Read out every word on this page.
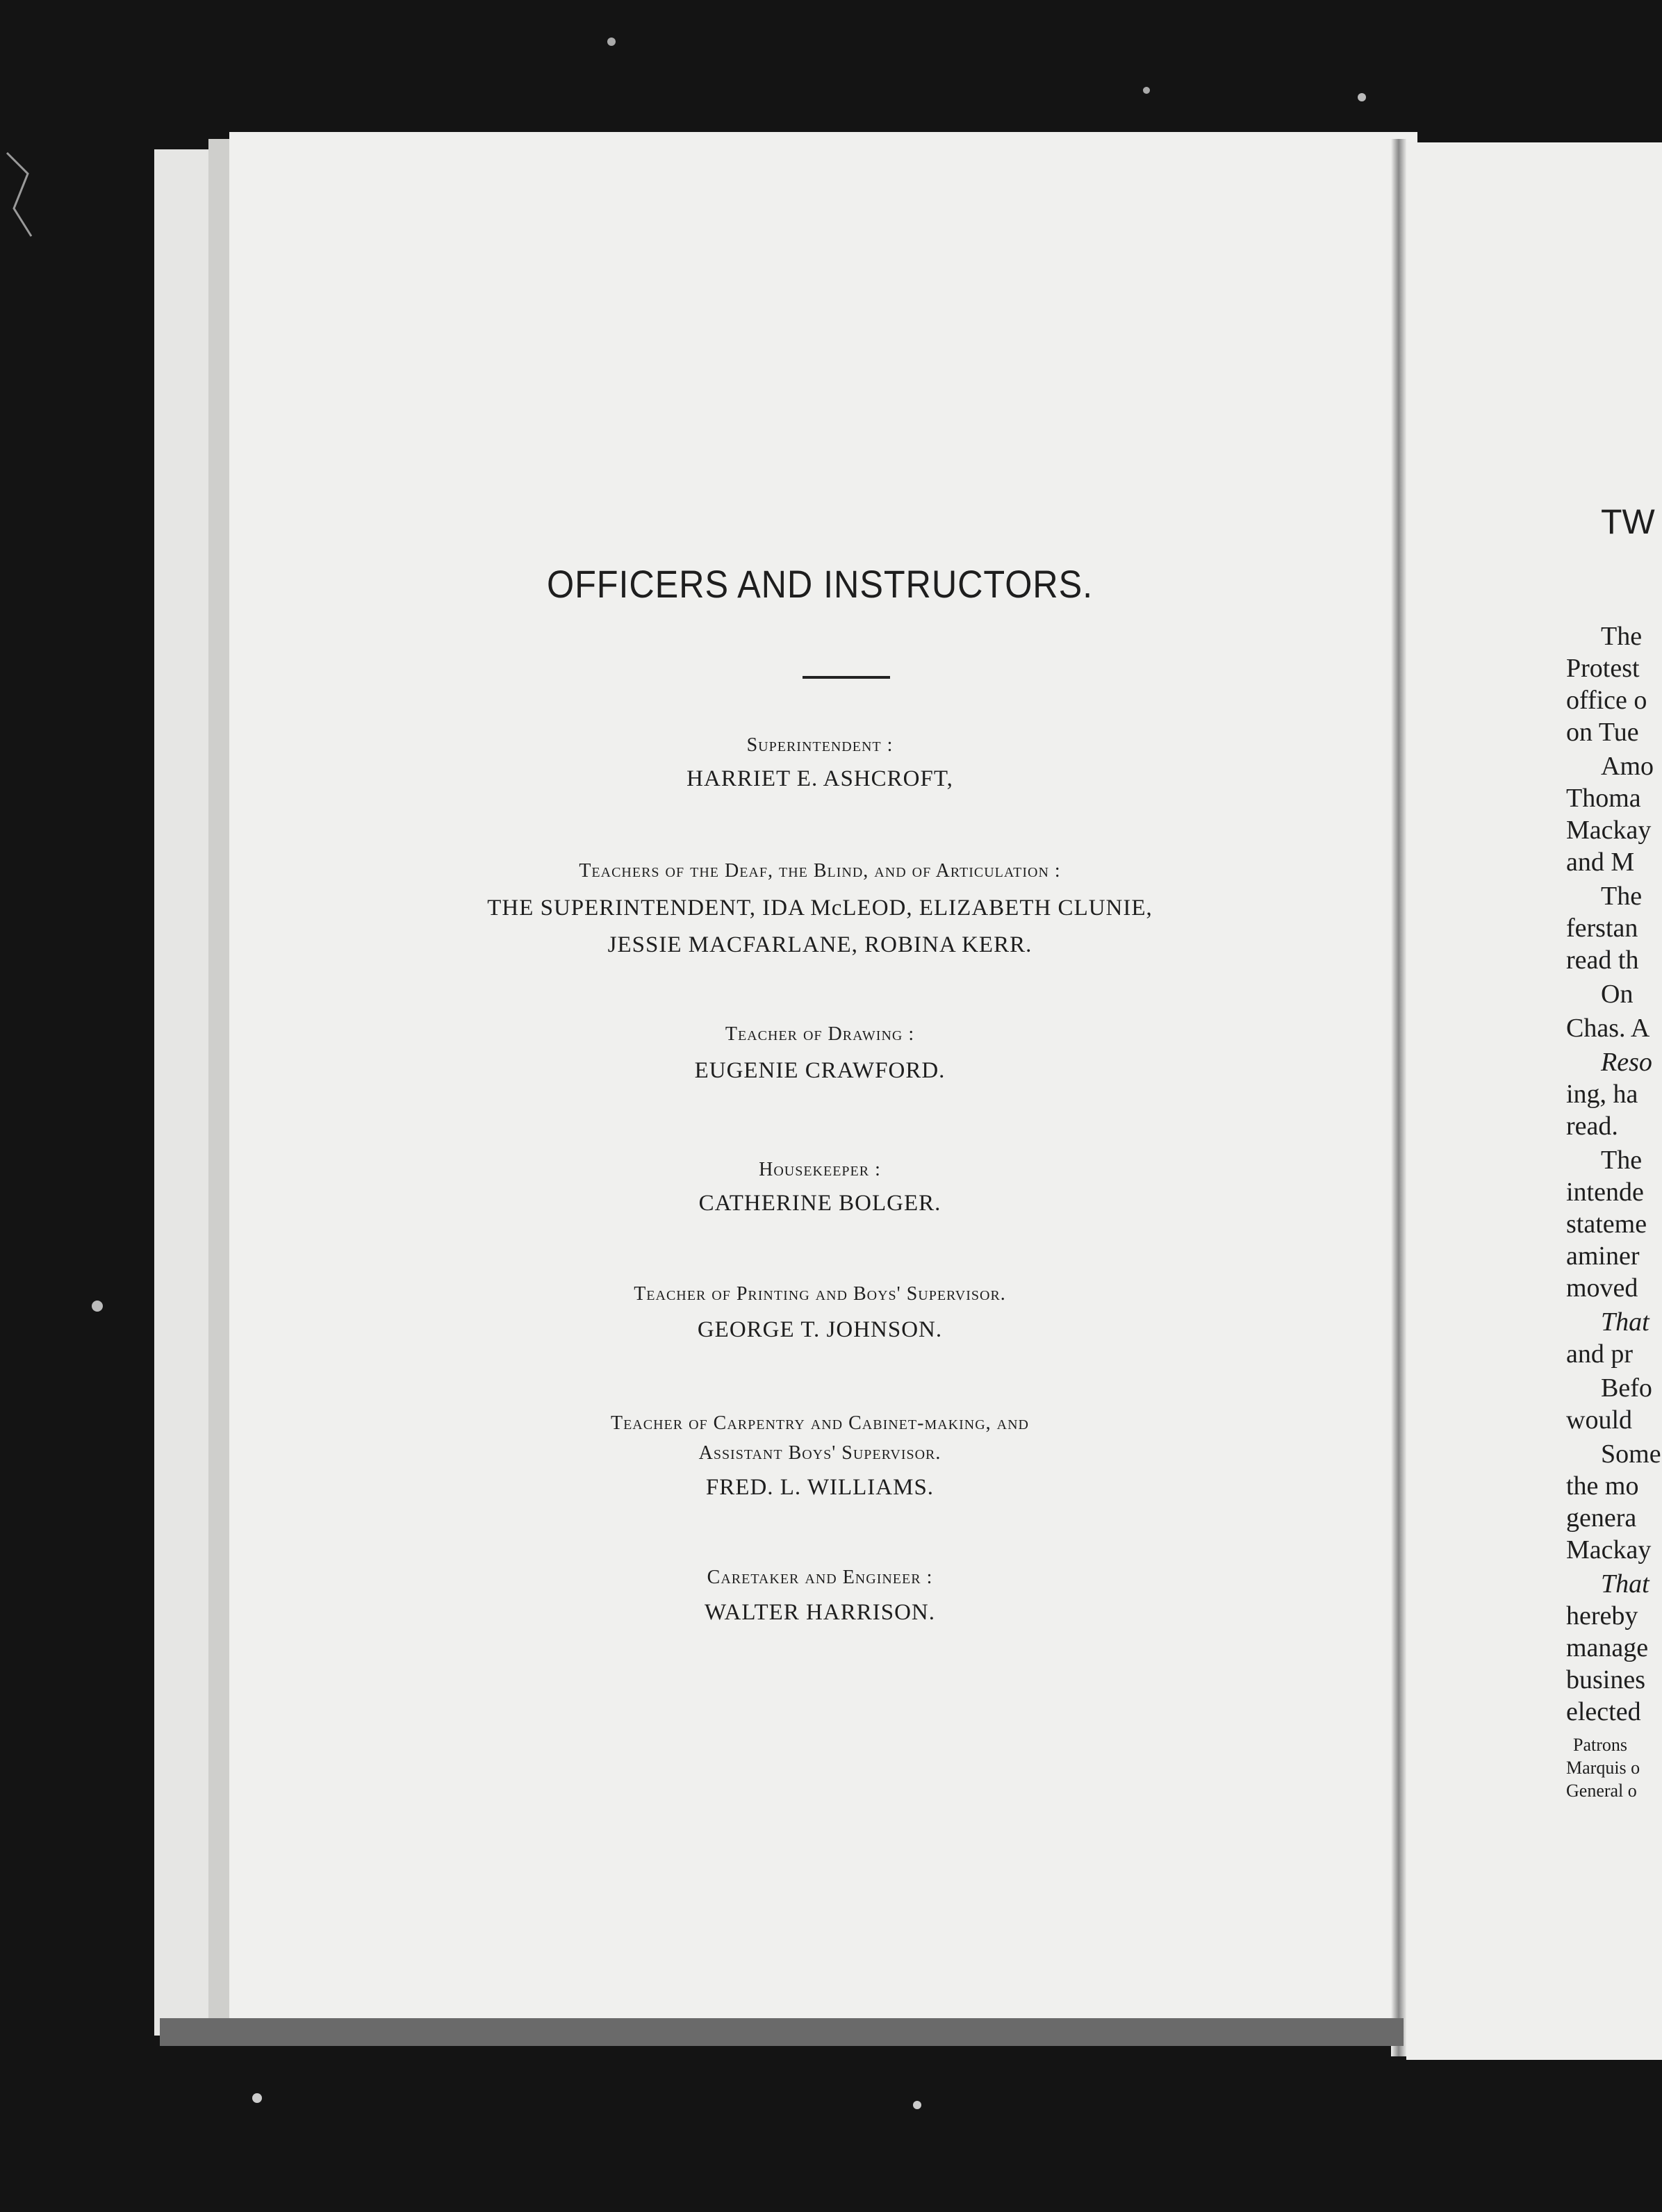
OFFICERS AND INSTRUCTORS.
Superintendent :
HARRIET E. ASHCROFT,
Teachers of the Deaf, the Blind, and of Articulation :
THE SUPERINTENDENT, IDA McLEOD, ELIZABETH CLUNIE,
JESSIE MACFARLANE, ROBINA KERR.
Teacher of Drawing :
EUGENIE CRAWFORD.
Housekeeper :
CATHERINE BOLGER.
Teacher of Printing and Boys' Supervisor.
GEORGE T. JOHNSON.
Teacher of Carpentry and Cabinet-making, and
Assistant Boys' Supervisor.
FRED. L. WILLIAMS.
Caretaker and Engineer :
WALTER HARRISON.
TW
The
Protest
office o
on Tue
Amo
Thoma
Mackay
and M
The
ferstan
read th
On
Chas. A
Reso
ing, ha
read.
The
intende
stateme
aminer
moved
That
and pr
Befo
would
Some
the mo
genera
Mackay
That
hereby
manage
busines
elected
Patrons
Marquis o
General o
